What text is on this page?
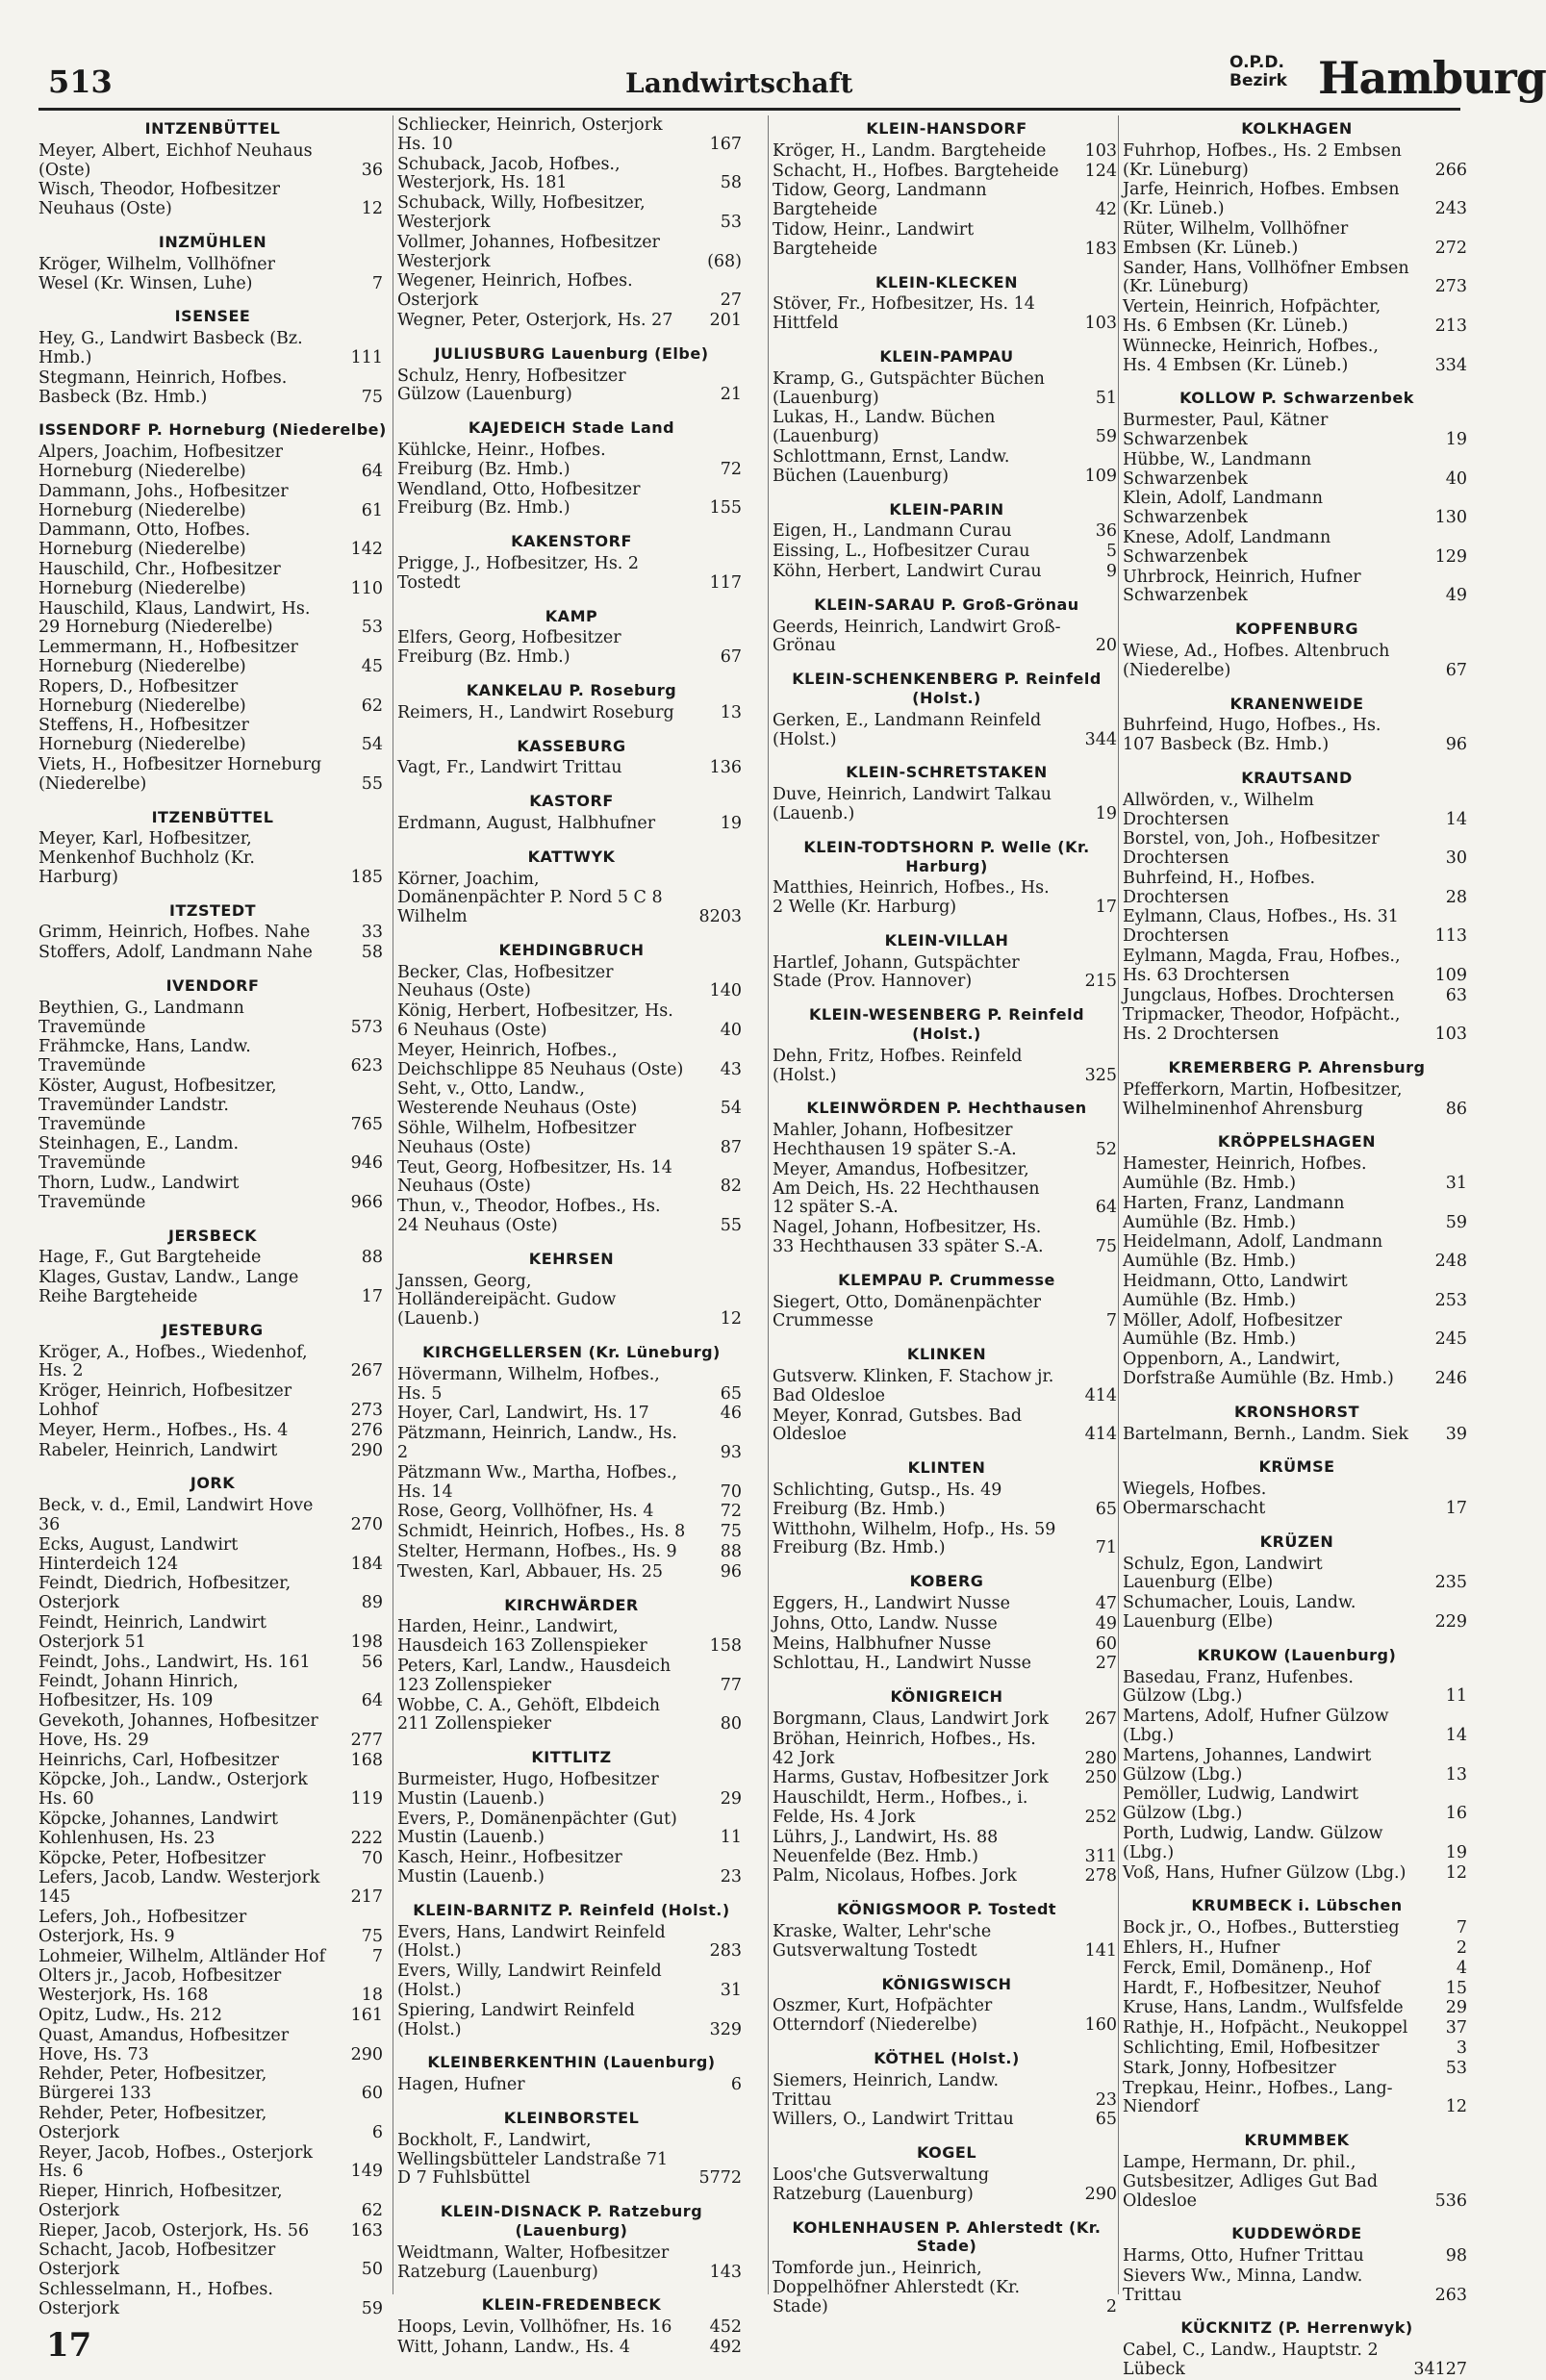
513	Landwirtschaft
O.P.D.
Bezirk Hamburg
INTZENBÜTTEL
Meyer, Albert, Eichhof Neuhaus (Oste)	36
Wisch, Theodor, Hofbesitzer Neuhaus (Oste)	12
INZMÜHLEN
Kröger, Wilhelm, Vollhöfner Wesel (Kr. Winsen, Luhe)	7
ISENSEE
Hey, G., Landwirt Basbeck (Bz. Hmb.)	111
Stegmann, Heinrich, Hofbes. Basbeck (Bz. Hmb.)	75
ISSENDORF P. Horneburg (Niederelbe)
Alpers, Joachim, Hofbesitzer Horneburg (Niederelbe)	64
Dammann, Johs., Hofbesitzer Horneburg (Niederelbe)	61
Dammann, Otto, Hofbes. Horneburg (Niederelbe)	142
Hauschild, Chr., Hofbesitzer Horneburg (Niederelbe)	110
Hauschild, Klaus, Landwirt, Hs. 29 Horneburg (Niederelbe)	53
Lemmermann, H., Hofbesitzer Horneburg (Niederelbe)	45
Ropers, D., Hofbesitzer Horneburg (Niederelbe)	62
Steffens, H., Hofbesitzer Horneburg (Niederelbe)	54
Viets, H., Hofbesitzer Horneburg (Niederelbe)	55
ITZENBÜTTEL
Meyer, Karl, Hofbesitzer, Menkenhof Buchholz (Kr. Harburg)	185
ITZSTEDT
Grimm, Heinrich, Hofbes. Nahe	33
Stoffers, Adolf, Landmann Nahe	58
IVENDORF
Beythien, G., Landmann Travemünde	573
Frähmcke, Hans, Landw. Travemünde	623
Köster, August, Hofbesitzer, Travemünder Landstr. Travemünde	765
Steinhagen, E., Landm. Travemünde	946
Thorn, Ludw., Landwirt Travemünde	966
JERSBECK
Hage, F., Gut Bargteheide	88
Klages, Gustav, Landw., Lange Reihe Bargteheide	17
JESTEBURG
Kröger, A., Hofbes., Wiedenhof, Hs. 2	267
Kröger, Heinrich, Hofbesitzer Lohhof	273
Meyer, Herm., Hofbes., Hs. 4	276
Rabeler, Heinrich, Landwirt	290
JORK
Beck, v. d., Emil, Landwirt Hove 36	270
Ecks, August, Landwirt Hinterdeich 124	184
Feindt, Diedrich, Hofbesitzer, Osterjork	89
Feindt, Heinrich, Landwirt Osterjork 51	198
Feindt, Johs., Landwirt, Hs. 161	56
Feindt, Johann Hinrich, Hofbesitzer, Hs. 109	64
Gevekoth, Johannes, Hofbesitzer Hove, Hs. 29	277
Heinrichs, Carl, Hofbesitzer	168
Köpcke, Joh., Landw., Osterjork Hs. 60	119
Köpcke, Johannes, Landwirt Kohlenhusen, Hs. 23	222
Köpcke, Peter, Hofbesitzer	70
Lefers, Jacob, Landw. Westerjork 145	217
Lefers, Joh., Hofbesitzer Osterjork, Hs. 9	75
Lohmeier, Wilhelm, Altländer Hof	7
Olters jr., Jacob, Hofbesitzer Westerjork, Hs. 168	18
Opitz, Ludw., Hs. 212	161
Quast, Amandus, Hofbesitzer Hove, Hs. 73	290
Rehder, Peter, Hofbesitzer, Bürgerei 133	60
Rehder, Peter, Hofbesitzer, Osterjork	6
Reyer, Jacob, Hofbes., Osterjork Hs. 6	149
Rieper, Hinrich, Hofbesitzer, Osterjork	62
Rieper, Jacob, Osterjork, Hs. 56 163
Schacht, Jacob, Hofbesitzer Osterjork	50
Schlesselmann, H., Hofbes. Osterjork	59
Schliecker, Heinrich, Osterjork Hs. 10	167
Schuback, Jacob, Hofbes., Westerjork, Hs. 181	58
Schuback, Willy, Hofbesitzer, Westerjork	53
Vollmer, Johannes, Hofbesitzer Westerjork	(68)
Wegener, Heinrich, Hofbes. Osterjork	27
Wegner, Peter, Osterjork, Hs. 27 201
JULIUSBURG Lauenburg (Elbe)
Schulz, Henry, Hofbesitzer Gülzow (Lauenburg)	21
KAJEDEICH Stade Land
Kühlcke, Heinr., Hofbes. Freiburg (Bz. Hmb.)	72
Wendland, Otto, Hofbesitzer Freiburg (Bz. Hmb.)	155
KAKENSTORF
Prigge, J., Hofbesitzer, Hs. 2 Tostedt	117
KAMP
Elfers, Georg, Hofbesitzer Freiburg (Bz. Hmb.)	67
KANKELAU P. Roseburg
Reimers, H., Landwirt Roseburg	13
KASSEBURG
Vagt, Fr., Landwirt Trittau	136
KASTORF
Erdmann, August, Halbhufner	19
KATTWYK
Körner, Joachim, Domänenpächter P. Nord 5 C 8 Wilhelm	8203
KEHDINGBRUCH
Becker, Clas, Hofbesitzer Neuhaus (Oste)	140
König, Herbert, Hofbesitzer, Hs. 6 Neuhaus (Oste)	40
Meyer, Heinrich, Hofbes., Deichschlippe 85 Neuhaus (Oste) 43
Seht, v., Otto, Landw., Westerende Neuhaus (Oste)	54
Söhle, Wilhelm, Hofbesitzer Neuhaus (Oste)	87
Teut, Georg, Hofbesitzer, Hs. 14 Neuhaus (Oste)	82
Thun, v., Theodor, Hofbes., Hs. 24 Neuhaus (Oste)	55
KEHRSEN
Janssen, Georg, Holländereipächt. Gudow (Lauenb.)	12
KIRCHGELLERSEN (Kr. Lüneburg)
Hövermann, Wilhelm, Hofbes., Hs. 5	65
Hoyer, Carl, Landwirt, Hs. 17	46
Pätzmann, Heinrich, Landw., Hs. 2	93
Pätzmann Ww., Martha, Hofbes., Hs. 14	70
Rose, Georg, Vollhöfner, Hs. 4	72
Schmidt, Heinrich, Hofbes., Hs. 8 75
Stelter, Hermann, Hofbes., Hs. 9	88
Twesten, Karl, Abbauer, Hs. 25	96
KIRCHWÄRDER
Harden, Heinr., Landwirt, Hausdeich 163 Zollenspieker	158
Peters, Karl, Landw., Hausdeich 123 Zollenspieker	77
Wobbe, C. A., Gehöft, Elbdeich 211 Zollenspieker	80
KITTLITZ
Burmeister, Hugo, Hofbesitzer Mustin (Lauenb.)	29
Evers, P., Domänenpächter (Gut) Mustin (Lauenb.)	11
Kasch, Heinr., Hofbesitzer Mustin (Lauenb.)	23
KLEIN-BARNITZ P. Reinfeld (Holst.)
Evers, Hans, Landwirt Reinfeld (Holst.)	283
Evers, Willy, Landwirt Reinfeld (Holst.)	31
Spiering, Landwirt Reinfeld (Holst.)	329
KLEINBERKENTHIN (Lauenburg)
Hagen, Hufner	6
KLEINBORSTEL
Bockholt, F., Landwirt, Wellingsbütteler Landstraße 71 D 7 Fuhlsbüttel	5772
KLEIN-DISNACK P. Ratzeburg (Lauenburg)
Weidtmann, Walter, Hofbesitzer Ratzeburg (Lauenburg)	143
KLEIN-FREDENBECK
Hoops, Levin, Vollhöfner, Hs. 16 452
Witt, Johann, Landw., Hs. 4	492
KLEIN-HANSDORF
Kröger, H., Landm. Bargteheide 103
Schacht, H., Hofbes. Bargteheide 124
Tidow, Georg, Landmann Bargteheide	42
Tidow, Heinr., Landwirt Bargteheide	183
KLEIN-KLECKEN
Stöver, Fr., Hofbesitzer, Hs. 14 Hittfeld	103
KLEIN-PAMPAU
Kramp, G., Gutspächter Büchen (Lauenburg)	51
Lukas, H., Landw. Büchen (Lauenburg)	59
Schlottmann, Ernst, Landw. Büchen (Lauenburg)	109
KLEIN-PARIN
Eigen, H., Landmann Curau	36
Eissing, L., Hofbesitzer Curau	5
Köhn, Herbert, Landwirt Curau	9
KLEIN-SARAU P. Groß-Grönau
Geerds, Heinrich, Landwirt Groß-Grönau	20
KLEIN-SCHENKENBERG P. Reinfeld (Holst.)
Gerken, E., Landmann Reinfeld (Holst.)	344
KLEIN-SCHRETSTAKEN
Duve, Heinrich, Landwirt Talkau (Lauenb.)	19
KLEIN-TODTSHORN P. Welle (Kr. Harburg)
Matthies, Heinrich, Hofbes., Hs. 2 Welle (Kr. Harburg)	17
KLEIN-VILLAH
Hartlef, Johann, Gutspächter Stade (Prov. Hannover)	215
KLEIN-WESENBERG P. Reinfeld (Holst.)
Dehn, Fritz, Hofbes. Reinfeld (Holst.)	325
KLEINWÖRDEN P. Hechthausen
Mahler, Johann, Hofbesitzer Hechthausen 19 später S.-A.	52
Meyer, Amandus, Hofbesitzer, Am Deich, Hs. 22 Hechthausen 12 später S.-A.	64
Nagel, Johann, Hofbesitzer, Hs. 33 Hechthausen 33 später S.-A.	75
KLEMPAU P. Crummesse
Siegert, Otto, Domänenpächter Crummesse	7
KLINKEN
Gutsverw. Klinken, F. Stachow jr. Bad Oldesloe	414
Meyer, Konrad, Gutsbes. Bad Oldesloe	414
KLINTEN
Schlichting, Gutsp., Hs. 49 Freiburg (Bz. Hmb.)	65
Witthohn, Wilhelm, Hofp., Hs. 59 Freiburg (Bz. Hmb.)	71
KOBERG
Eggers, H., Landwirt Nusse	47
Johns, Otto, Landw. Nusse	49
Meins, Halbhufner Nusse	60
Schlottau, H., Landwirt Nusse	27
KÖNIGREICH
Borgmann, Claus, Landwirt Jork 267
Bröhan, Heinrich, Hofbes., Hs. 42 Jork	280
Harms, Gustav, Hofbesitzer Jork 250
Hauschildt, Herm., Hofbes., i. Felde, Hs. 4 Jork	252
Lührs, J., Landwirt, Hs. 88 Neuenfelde (Bez. Hmb.)	311
Palm, Nicolaus, Hofbes. Jork	278
KÖNIGSMOOR P. Tostedt
Kraske, Walter, Lehr'sche Gutsverwaltung Tostedt	141
KÖNIGSWISCH
Oszmer, Kurt, Hofpächter Otterndorf (Niederelbe)	160
KÖTHEL (Holst.)
Siemers, Heinrich, Landw. Trittau	23
Willers, O., Landwirt Trittau	65
KOGEL
Loos'che Gutsverwaltung Ratzeburg (Lauenburg)	290
KOHLENHAUSEN P. Ahlerstedt (Kr. Stade)
Tomforde jun., Heinrich, Doppelhöfner Ahlerstedt (Kr. Stade)	2
KOLKHAGEN
Fuhrhop, Hofbes., Hs. 2 Embsen (Kr. Lüneburg)	266
Jarfe, Heinrich, Hofbes. Embsen (Kr. Lüneb.)	243
Rüter, Wilhelm, Vollhöfner Embsen (Kr. Lüneb.)	272
Sander, Hans, Vollhöfner Embsen (Kr. Lüneburg)	273
Vertein, Heinrich, Hofpächter, Hs. 6 Embsen (Kr. Lüneb.)	213
Wünnecke, Heinrich, Hofbes., Hs. 4 Embsen (Kr. Lüneb.)	334
KOLLOW P. Schwarzenbek
Burmester, Paul, Kätner Schwarzenbek	19
Hübbe, W., Landmann Schwarzenbek	40
Klein, Adolf, Landmann Schwarzenbek	130
Knese, Adolf, Landmann Schwarzenbek	129
Uhrbrock, Heinrich, Hufner Schwarzenbek	49
KOPFENBURG
Wiese, Ad., Hofbes. Altenbruch (Niederelbe)	67
KRANENWEIDE
Buhrfeind, Hugo, Hofbes., Hs. 107 Basbeck (Bz. Hmb.)	96
KRAUTSAND
Allwörden, v., Wilhelm Drochtersen	14
Borstel, von, Joh., Hofbesitzer Drochtersen	30
Buhrfeind, H., Hofbes. Drochtersen	28
Eylmann, Claus, Hofbes., Hs. 31 Drochtersen	113
Eylmann, Magda, Frau, Hofbes., Hs. 63 Drochtersen	109
Jungclaus, Hofbes. Drochtersen	63
Tripmacker, Theodor, Hofpächt., Hs. 2 Drochtersen	103
KREMERBERG P. Ahrensburg
Pfefferkorn, Martin, Hofbesitzer, Wilhelminenhof Ahrensburg	86
KRÖPPELSHAGEN
Hamester, Heinrich, Hofbes. Aumühle (Bz. Hmb.)	31
Harten, Franz, Landmann Aumühle (Bz. Hmb.)	59
Heidelmann, Adolf, Landmann Aumühle (Bz. Hmb.)	248
Heidmann, Otto, Landwirt Aumühle (Bz. Hmb.)	253
Möller, Adolf, Hofbesitzer Aumühle (Bz. Hmb.)	245
Oppenborn, A., Landwirt, Dorfstraße Aumühle (Bz. Hmb.) 246
KRONSHORST
Bartelmann, Bernh., Landm. Siek 39
KRÜMSE
Wiegels, Hofbes. Obermarschacht	17
KRÜZEN
Schulz, Egon, Landwirt Lauenburg (Elbe)	235
Schumacher, Louis, Landw. Lauenburg (Elbe)	229
KRUKOW (Lauenburg)
Basedau, Franz, Hufenbes. Gülzow (Lbg.)	11
Martens, Adolf, Hufner Gülzow (Lbg.)	14
Martens, Johannes, Landwirt Gülzow (Lbg.)	13
Pemöller, Ludwig, Landwirt Gülzow (Lbg.)	16
Porth, Ludwig, Landw. Gülzow (Lbg.)	19
Voß, Hans, Hufner Gülzow (Lbg.) 12
KRUMBECK i. Lübschen
Bock jr., O., Hofbes., Butterstieg	7
Ehlers, H., Hufner	2
Ferck, Emil, Domänenp., Hof	4
Hardt, F., Hofbesitzer, Neuhof	15
Kruse, Hans, Landm., Wulfsfelde	29
Rathje, H., Hofpächt., Neukoppel 37
Schlichting, Emil, Hofbesitzer	3
Stark, Jonny, Hofbesitzer	53
Trepkau, Heinr., Hofbes., Lang-Niendorf	12
KRUMMBEK
Lampe, Hermann, Dr. phil., Gutsbesitzer, Adliges Gut Bad Oldesloe	536
KUDDEWÖRDE
Harms, Otto, Hufner Trittau	98
Sievers Ww., Minna, Landw. Trittau	263
KÜCKNITZ (P. Herrenwyk)
Cabel, C., Landw., Hauptstr. 2 Lübeck	34127
17
